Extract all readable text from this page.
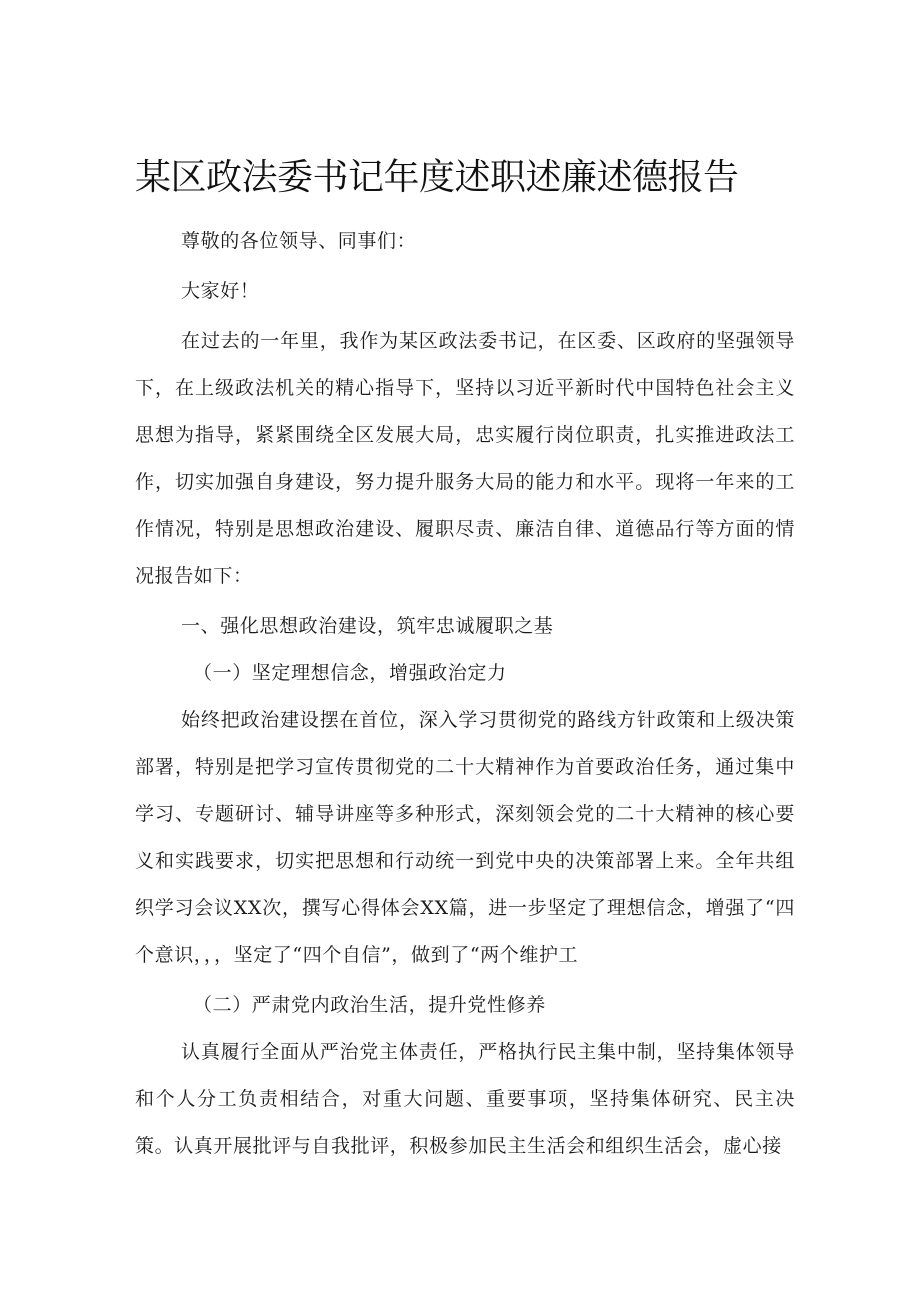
某区政法委书记年度述职述廉述德报告

尊敬的各位领导、同事们：

大家好！

在过去的一年里，我作为某区政法委书记，在区委、区政府的坚强领导下，在上级政法机关的精心指导下，坚持以习近平新时代中国特色社会主义思想为指导，紧紧围绕全区发展大局，忠实履行岗位职责，扎实推进政法工作，切实加强自身建设，努力提升服务大局的能力和水平。现将一年来的工作情况，特别是思想政治建设、履职尽责、廉洁自律、道德品行等方面的情况报告如下：

一、强化思想政治建设，筑牢忠诚履职之基

（一）坚定理想信念，增强政治定力

始终把政治建设摆在首位，深入学习贯彻党的路线方针政策和上级决策部署，特别是把学习宣传贯彻党的二十大精神作为首要政治任务，通过集中学习、专题研讨、辅导讲座等多种形式，深刻领会党的二十大精神的核心要义和实践要求，切实把思想和行动统一到党中央的决策部署上来。全年共组织学习会议XX次，撰写心得体会XX篇，进一步坚定了理想信念，增强了“四个意识，，，坚定了“四个自信”，做到了“两个维护工

（二）严肃党内政治生活，提升党性修养

认真履行全面从严治党主体责任，严格执行民主集中制，坚持集体领导和个人分工负责相结合，对重大问题、重要事项，坚持集体研究、民主决策。认真开展批评与自我批评，积极参加民主生活会和组织生活会，虚心接
